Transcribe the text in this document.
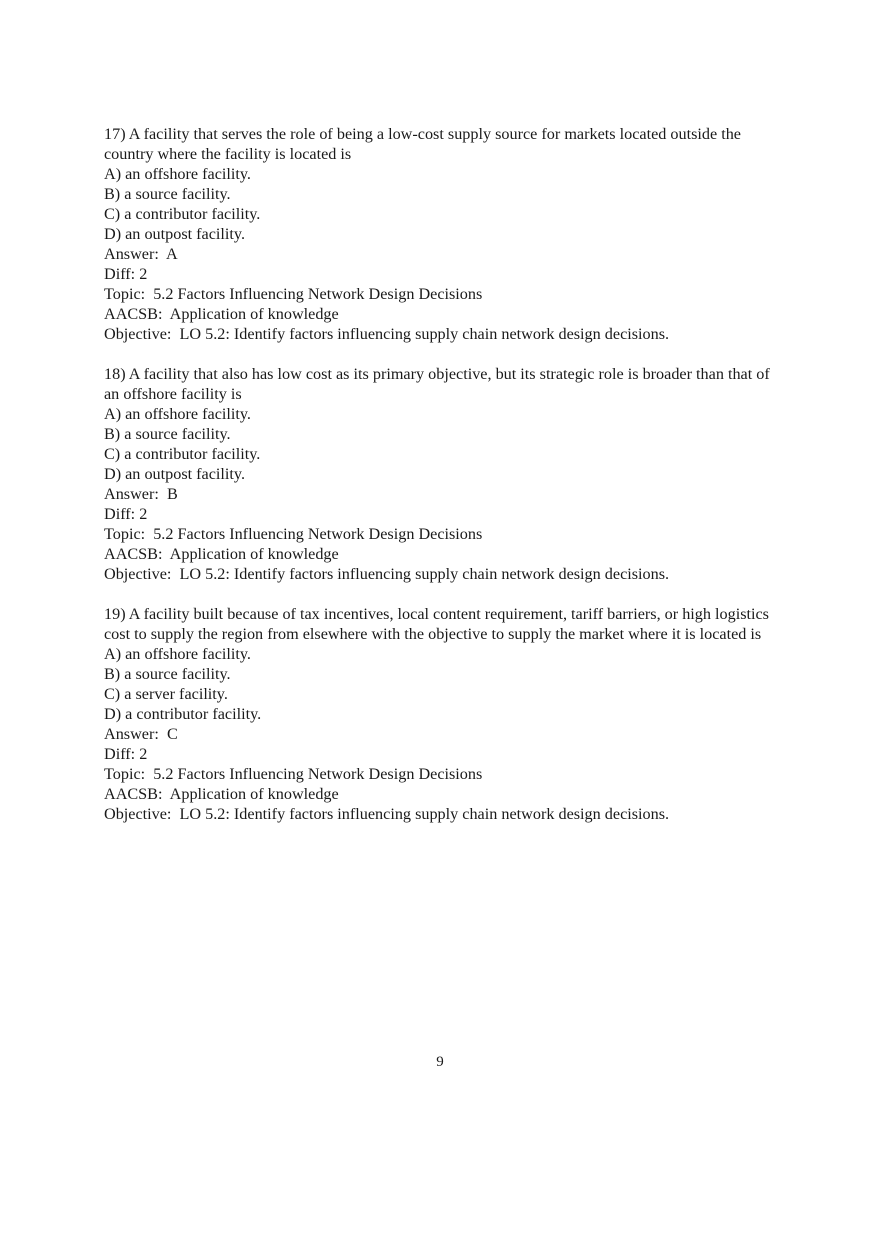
17) A facility that serves the role of being a low-cost supply source for markets located outside the country where the facility is located is

A) an offshore facility.

B) a source facility.

C) a contributor facility.

D) an outpost facility.

Answer:  A

Diff: 2

Topic:  5.2 Factors Influencing Network Design Decisions

AACSB:  Application of knowledge

Objective:  LO 5.2: Identify factors influencing supply chain network design decisions.

18) A facility that also has low cost as its primary objective, but its strategic role is broader than that of an offshore facility is

A) an offshore facility.

B) a source facility.

C) a contributor facility.

D) an outpost facility.

Answer:  B

Diff: 2

Topic:  5.2 Factors Influencing Network Design Decisions

AACSB:  Application of knowledge

Objective:  LO 5.2: Identify factors influencing supply chain network design decisions.

19) A facility built because of tax incentives, local content requirement, tariff barriers, or high logistics cost to supply the region from elsewhere with the objective to supply the market where it is located is

A) an offshore facility.

B) a source facility.

C) a server facility.

D) a contributor facility.

Answer:  C

Diff: 2

Topic:  5.2 Factors Influencing Network Design Decisions

AACSB:  Application of knowledge

Objective:  LO 5.2: Identify factors influencing supply chain network design decisions.

9
